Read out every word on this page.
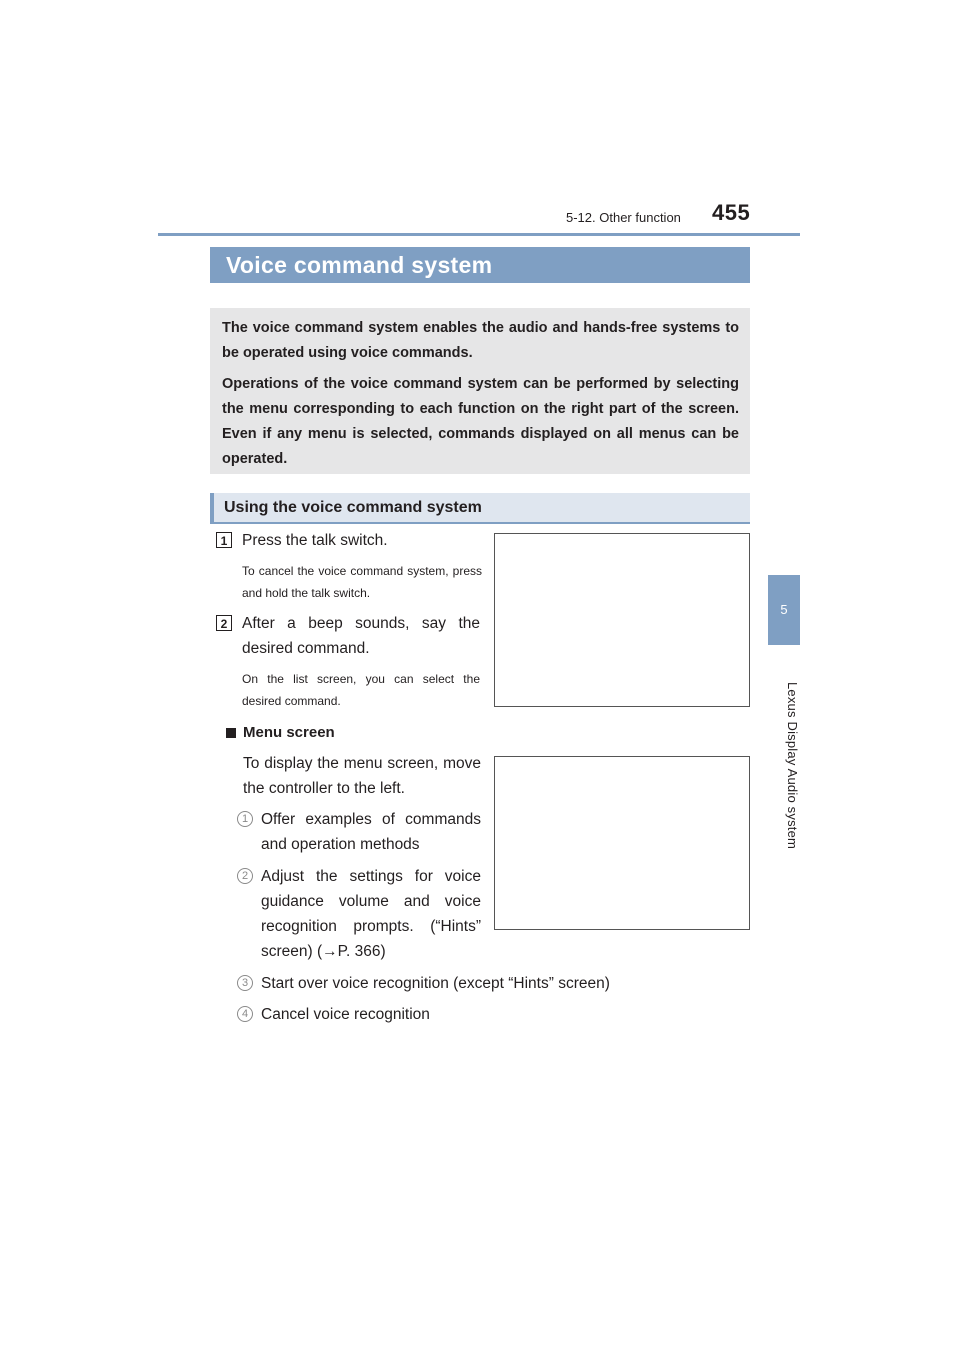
5-12. Other function 455
5
Lexus Display Audio system
Voice command system

The voice command system enables the audio and hands-free systems to be operated using voice commands.

Operations of the voice command system can be performed by selecting the menu corresponding to each function on the right part of the screen. Even if any menu is selected, commands displayed on all menus can be operated.

Using the voice command system
1 Press the talk switch.
To cancel the voice command system, press and hold the talk switch.
2 After a beep sounds, say the desired command.
On the list screen, you can select the desired command.
Menu screen
To display the menu screen, move the controller to the left.
1 Offer examples of commands and operation methods
2 Adjust the settings for voice guidance volume and voice recognition prompts. (“Hints” screen) (→P. 366)
3 Start over voice recognition (except “Hints” screen)
4 Cancel voice recognition
